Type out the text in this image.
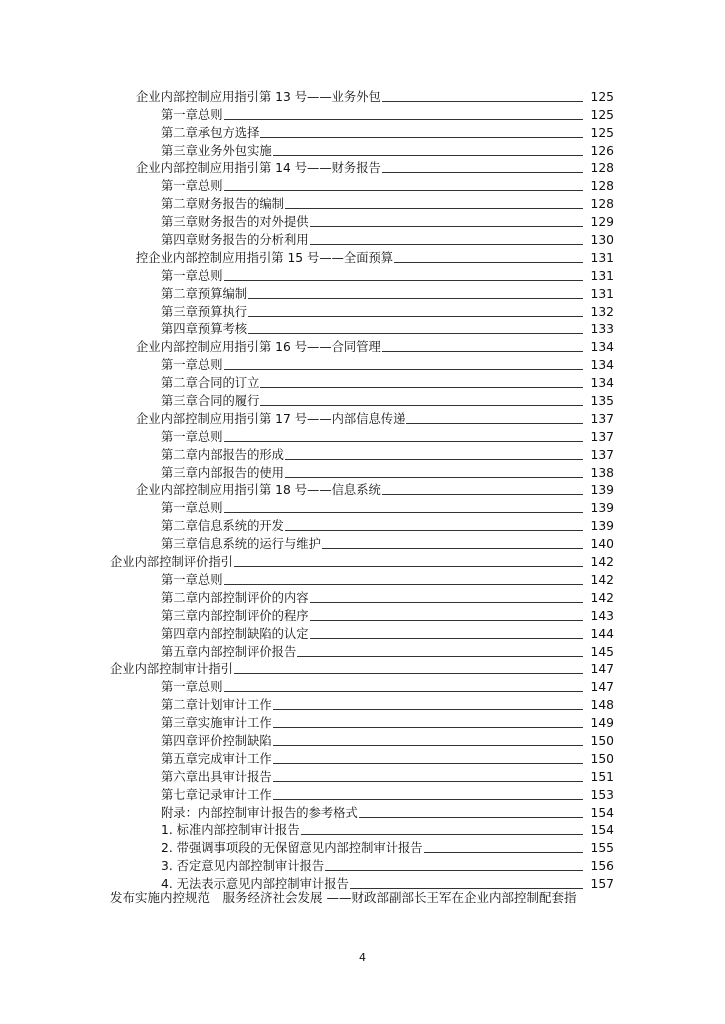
企业内部控制应用指引第 13 号——业务外包	125
第一章总则	125
第二章承包方选择	125
第三章业务外包实施	126
企业内部控制应用指引第 14 号——财务报告	128
第一章总则	128
第二章财务报告的编制	128
第三章财务报告的对外提供	129
第四章财务报告的分析利用	130
控企业内部控制应用指引第 15 号——全面预算	131
第一章总则	131
第二章预算编制	131
第三章预算执行	132
第四章预算考核	133
企业内部控制应用指引第 16 号——合同管理	134
第一章总则	134
第二章合同的订立	134
第三章合同的履行	135
企业内部控制应用指引第 17 号——内部信息传递	137
第一章总则	137
第二章内部报告的形成	137
第三章内部报告的使用	138
企业内部控制应用指引第 18 号——信息系统	139
第一章总则	139
第二章信息系统的开发	139
第三章信息系统的运行与维护	140
企业内部控制评价指引	142
第一章总则	142
第二章内部控制评价的内容	142
第三章内部控制评价的程序	143
第四章内部控制缺陷的认定	144
第五章内部控制评价报告	145
企业内部控制审计指引	147
第一章总则	147
第二章计划审计工作	148
第三章实施审计工作	149
第四章评价控制缺陷	150
第五章完成审计工作	150
第六章出具审计报告	151
第七章记录审计工作	153
附录：内部控制审计报告的参考格式	154
1. 标准内部控制审计报告	154
2. 带强调事项段的无保留意见内部控制审计报告	155
3. 否定意见内部控制审计报告	156
4. 无法表示意见内部控制审计报告	157
发布实施内控规范　服务经济社会发展 ——财政部副部长王军在企业内部控制配套指
4
